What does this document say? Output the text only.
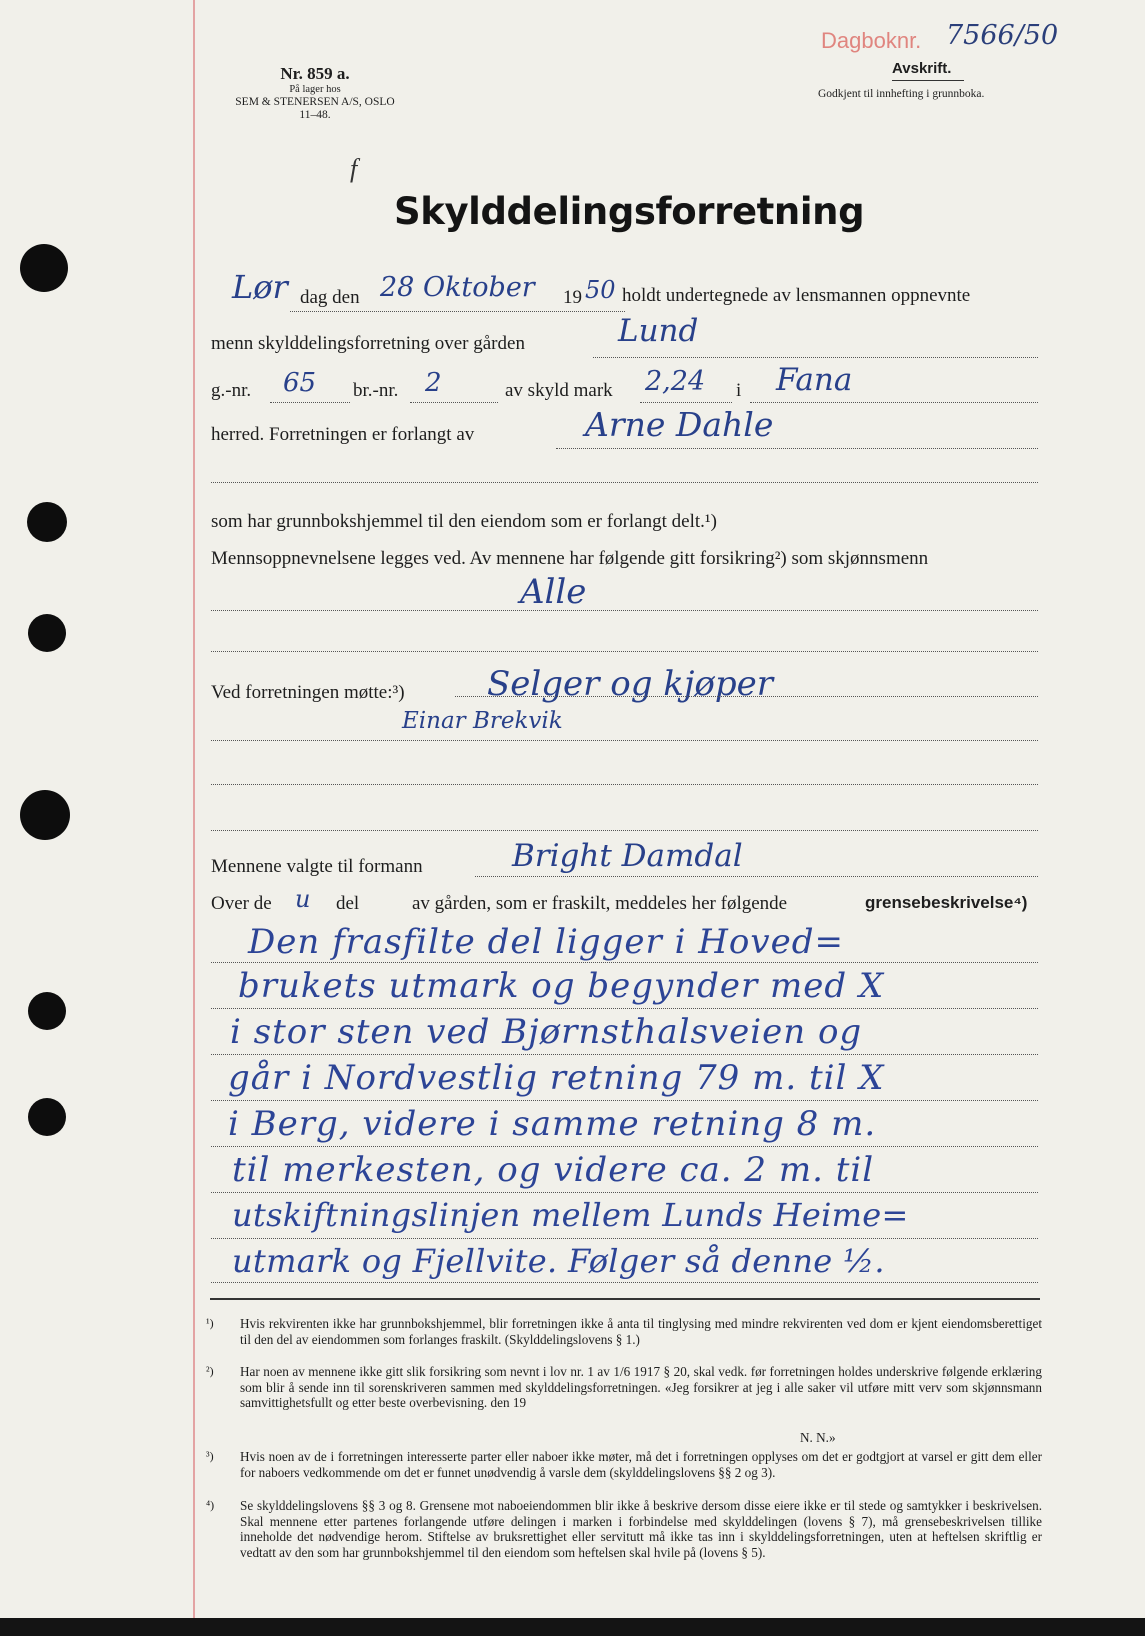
Nr. 859 a.
På lager hos
SEM & STENERSEN A/S, OSLO
11–48.
Dagboknr. 7566/50
Avskrift.
Godkjent til innhefting i grunnboka.
f
Skylddelingsforretning
Lør dag den 28 Oktober 19 50 holdt undertegnede av lensmannen oppnevnte
menn skylddelingsforretning over gården	Lund
g.-nr. 65 br.-nr. 2	av skyld mark 2,24 i Fana
herred. Forretningen er forlangt av	Arne Dahle
som har grunnbokshjemmel til den eiendom som er forlangt delt.¹)
Mennsoppnevnelsene legges ved. Av mennene har følgende gitt forsikring²) som skjønnsmenn
Alle
Ved forretningen møtte:³) Selger og kjøper
Einar Brekvik
Mennene valgte til formann	Bright Damdal
Over de u del	av gården, som er fraskilt, meddeles her følgende	grensebeskrivelse⁴)
Den frasfilte del ligger i Hoved=
brukets utmark og begynder med X
i stor sten ved Bjørnsthalsveien og
går i Nordvestlig retning 79 m. til X
i Berg, videre i samme retning 8 m.
til merkesten, og videre ca. 2 m. til
utskiftningslinjen mellem Lunds Heime=
utmark og Fjellvite. Følger så denne ½.
¹) Hvis rekvirenten ikke har grunnbokshjemmel, blir forretningen ikke å anta til tinglysing med mindre rekvirenten ved dom er kjent eiendomsberettiget til den del av eiendommen som forlanges fraskilt. (Skylddelingslovens § 1.)
²) Har noen av mennene ikke gitt slik forsikring som nevnt i lov nr. 1 av 1/6 1917 § 20, skal vedk. før forretningen holdes underskrive følgende erklæring som blir å sende inn til sorenskriveren sammen med skylddelingsforretningen. «Jeg forsikrer at jeg i alle saker vil utføre mitt verv som skjønnsmann samvittighetsfullt og etter beste overbevisning. den 19
N. N.»
³) Hvis noen av de i forretningen interesserte parter eller naboer ikke møter, må det i forretningen opplyses om det er godtgjort at varsel er gitt dem eller for naboers vedkommende om det er funnet unødvendig å varsle dem (skylddelingslovens §§ 2 og 3).
⁴) Se skylddelingslovens §§ 3 og 8. Grensene mot naboeiendommen blir ikke å beskrive dersom disse eiere ikke er til stede og samtykker i beskrivelsen. Skal mennene etter partenes forlangende utføre delingen i marken i forbindelse med skylddelingen (lovens § 7), må grensebeskrivelsen tillike inneholde det nødvendige herom. Stiftelse av bruksrettighet eller servitutt må ikke tas inn i skylddelingsforretningen, uten at heftelsen skriftlig er vedtatt av den som har grunnbokshjemmel til den eiendom som heftelsen skal hvile på (lovens § 5).
